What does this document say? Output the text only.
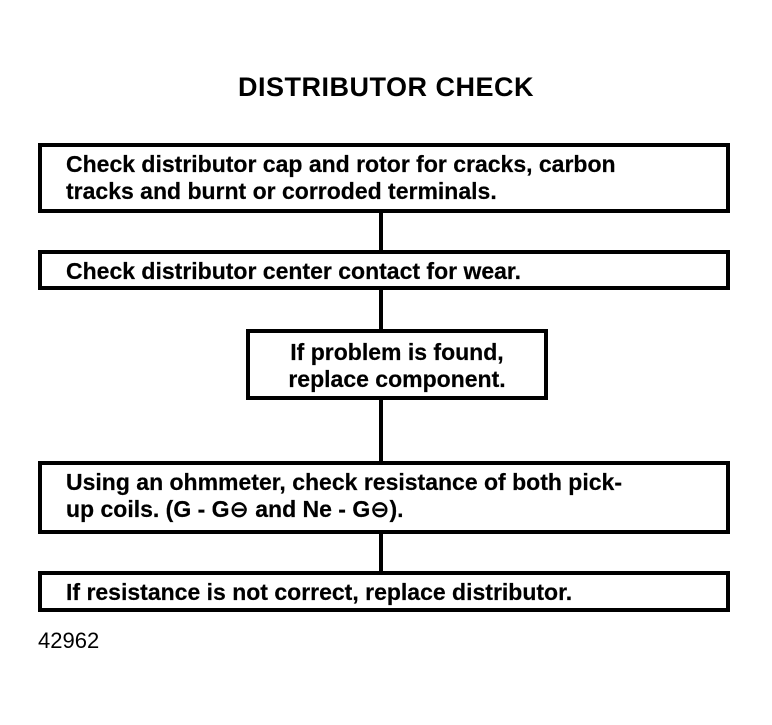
DISTRIBUTOR CHECK
Check distributor cap and rotor for cracks, carbon
tracks and burnt or corroded terminals.
Check distributor center contact for wear.
If problem is found,
replace component.
Using an ohmmeter, check resistance of both pick-
up coils. (G - G⊖ and Ne - G⊖).
If resistance is not correct, replace distributor.
42962
